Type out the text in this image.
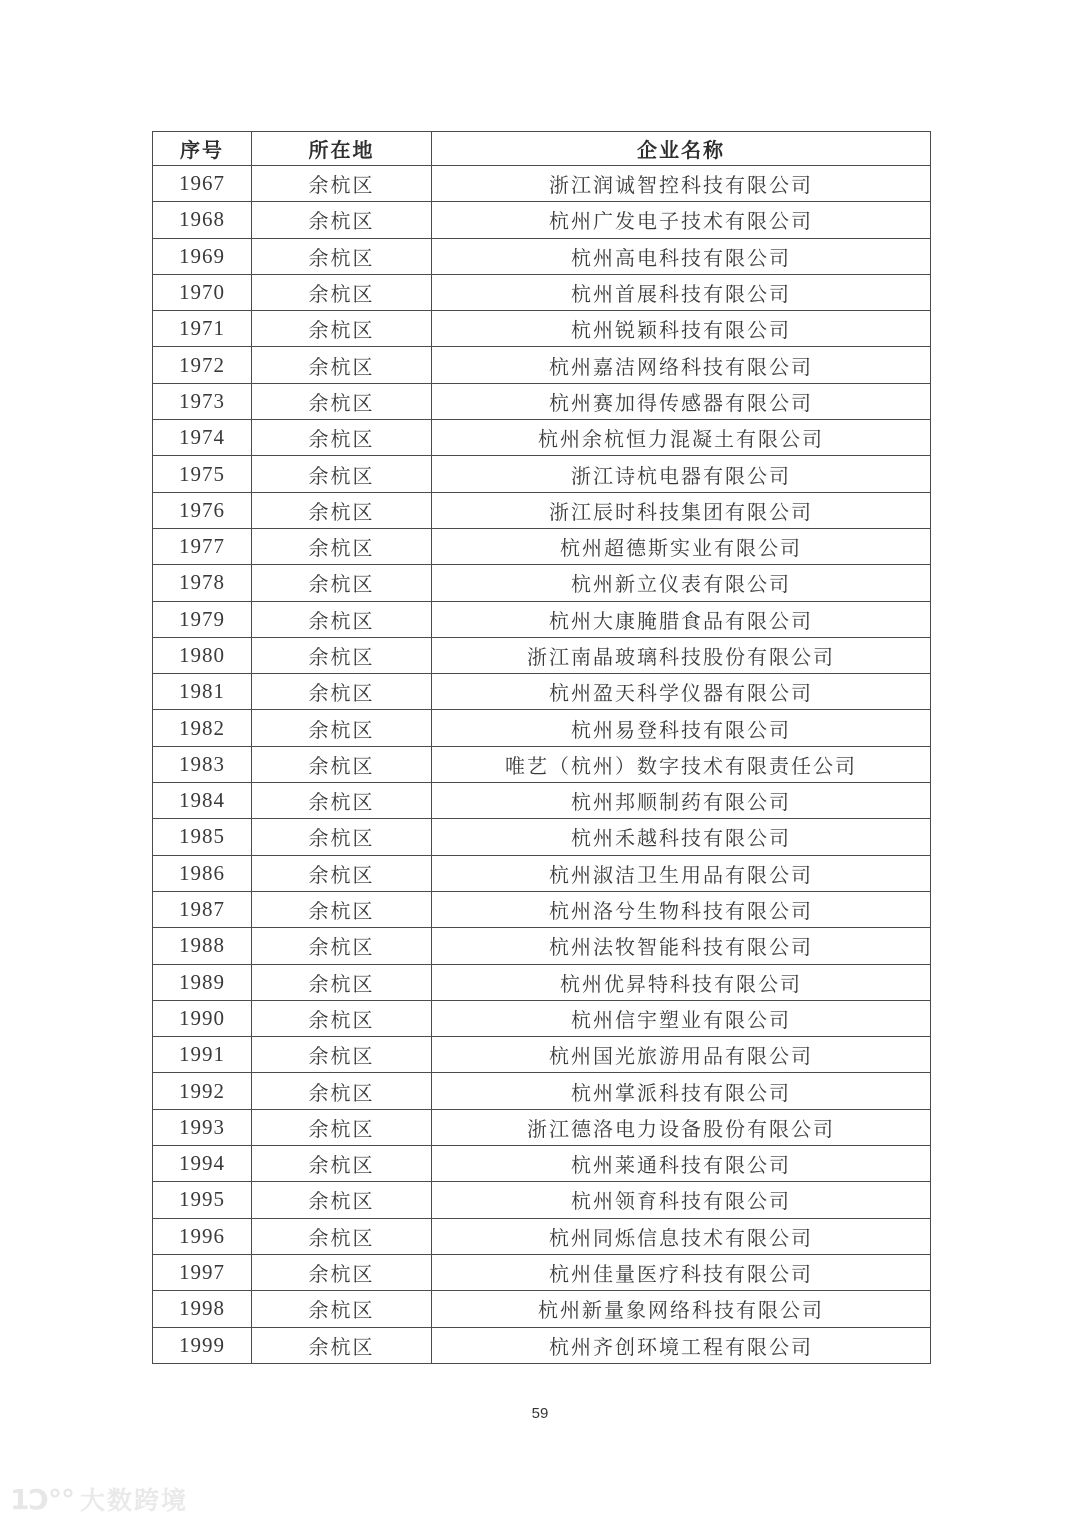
序号	所在地	企业名称
1967	余杭区	浙江润诚智控科技有限公司
1968	余杭区	杭州广发电子技术有限公司
1969	余杭区	杭州高电科技有限公司
1970	余杭区	杭州首展科技有限公司
1971	余杭区	杭州锐颖科技有限公司
1972	余杭区	杭州嘉洁网络科技有限公司
1973	余杭区	杭州赛加得传感器有限公司
1974	余杭区	杭州余杭恒力混凝土有限公司
1975	余杭区	浙江诗杭电器有限公司
1976	余杭区	浙江辰时科技集团有限公司
1977	余杭区	杭州超德斯实业有限公司
1978	余杭区	杭州新立仪表有限公司
1979	余杭区	杭州大康腌腊食品有限公司
1980	余杭区	浙江南晶玻璃科技股份有限公司
1981	余杭区	杭州盈天科学仪器有限公司
1982	余杭区	杭州易登科技有限公司
1983	余杭区	唯艺（杭州）数字技术有限责任公司
1984	余杭区	杭州邦顺制药有限公司
1985	余杭区	杭州禾越科技有限公司
1986	余杭区	杭州淑洁卫生用品有限公司
1987	余杭区	杭州洛兮生物科技有限公司
1988	余杭区	杭州法牧智能科技有限公司
1989	余杭区	杭州优昇特科技有限公司
1990	余杭区	杭州信宇塑业有限公司
1991	余杭区	杭州国光旅游用品有限公司
1992	余杭区	杭州掌派科技有限公司
1993	余杭区	浙江德洛电力设备股份有限公司
1994	余杭区	杭州莱通科技有限公司
1995	余杭区	杭州领育科技有限公司
1996	余杭区	杭州同烁信息技术有限公司
1997	余杭区	杭州佳量医疗科技有限公司
1998	余杭区	杭州新量象网络科技有限公司
1999	余杭区	杭州齐创环境工程有限公司
59
1Ɔ°° 大数跨境
